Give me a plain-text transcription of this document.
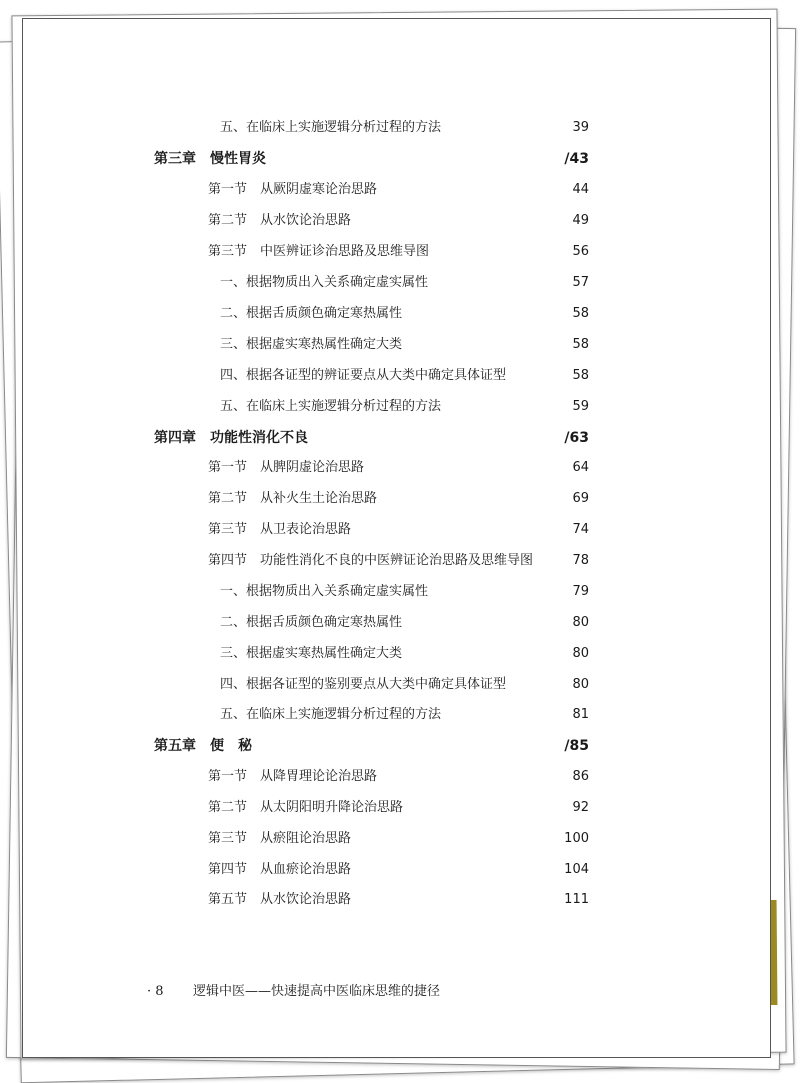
五、在临床上实施逻辑分析过程的方法	39
第三章　慢性胃炎	/43
第一节　从厥阴虚寒论治思路	44
第二节　从水饮论治思路	49
第三节　中医辨证诊治思路及思维导图	56
一、根据物质出入关系确定虚实属性	57
二、根据舌质颜色确定寒热属性	58
三、根据虚实寒热属性确定大类	58
四、根据各证型的辨证要点从大类中确定具体证型	58
五、在临床上实施逻辑分析过程的方法	59
第四章　功能性消化不良	/63
第一节　从脾阴虚论治思路	64
第二节　从补火生土论治思路	69
第三节　从卫表论治思路	74
第四节　功能性消化不良的中医辨证论治思路及思维导图	78
一、根据物质出入关系确定虚实属性	79
二、根据舌质颜色确定寒热属性	80
三、根据虚实寒热属性确定大类	80
四、根据各证型的鉴别要点从大类中确定具体证型	80
五、在临床上实施逻辑分析过程的方法	81
第五章　便　秘	/85
第一节　从降胃理论论治思路	86
第二节　从太阴阳明升降论治思路	92
第三节　从瘀阻论治思路	100
第四节　从血瘀论治思路	104
第五节　从水饮论治思路	111
· 8 逻辑中医——快速提高中医临床思维的捷径
